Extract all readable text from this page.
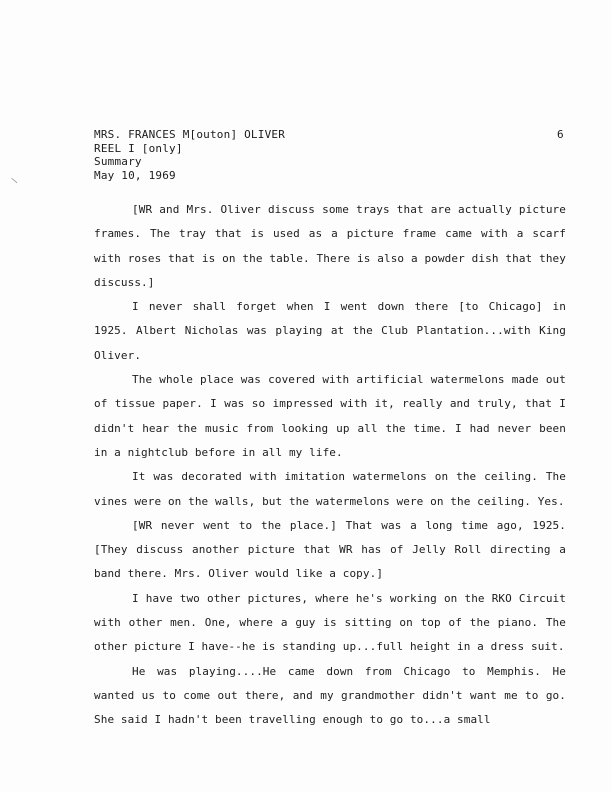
\
MRS. FRANCES M[outon] OLIVER
REEL I [only]
Summary
May 10, 1969
6

[WR and Mrs. Oliver discuss some trays that are actually picture frames. The tray that is used as a picture frame came with a scarf with roses that is on the table. There is also a powder dish that they discuss.]

I never shall forget when I went down there [to Chicago] in 1925. Albert Nicholas was playing at the Club Plantation...with King Oliver.

The whole place was covered with artificial watermelons made out of tissue paper. I was so impressed with it, really and truly, that I didn't hear the music from looking up all the time. I had never been in a nightclub before in all my life.

It was decorated with imitation watermelons on the ceiling. The vines were on the walls, but the watermelons were on the ceiling. Yes.

[WR never went to the place.] That was a long time ago, 1925. [They discuss another picture that WR has of Jelly Roll directing a band there. Mrs. Oliver would like a copy.]

I have two other pictures, where he's working on the RKO Circuit with other men. One, where a guy is sitting on top of the piano. The other picture I have--he is standing up...full height in a dress suit.

He was playing....He came down from Chicago to Memphis. He wanted us to come out there, and my grandmother didn't want me to go. She said I hadn't been travelling enough to go to...a small
